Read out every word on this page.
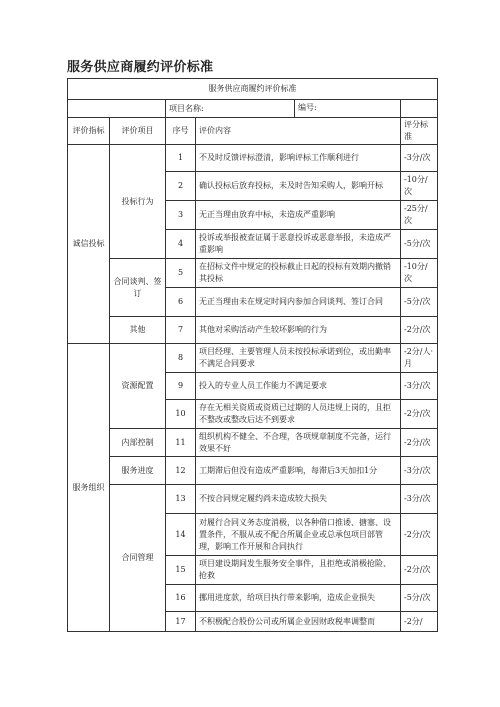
服务供应商履约评价标准
服务供应商履约评价标准				
		项目名称: 编号:		

评价指标	评价项目	序号	评价内容	评分标准
诚信投标	投标行为	1	不及时反馈评标澄清，影响评标工作顺利进行	-3分/次
		2	确认投标后放弃投标，未及时告知采购人，影响开标	-10分/次
		3	无正当理由放弃中标，未造成严重影响	-25分/次
		4	投诉或举报被查证属于恶意投诉或恶意举报，未造成严重影响	-5分/次
	合同谈判、签订	5	在招标文件中规定的投标截止日起的投标有效期内撤销其投标	-10分/次
		6	无正当理由未在规定时间内参加合同谈判、签订合同	-5分/次
	其他	7	其他对采购活动产生较坏影响的行为	-2分/次
服务组织	资源配置	8	项目经理、主要管理人员未按投标承诺到位，或出勤率不满足合同要求	-2分/人·月
		9	投入的专业人员工作能力不满足要求	-3分/次
		10	存在无相关资质或资质已过期的人员违规上岗的，且拒不整改或整改后达不到要求	-2分/次
	内部控制	11	组织机构不健全、不合理，各项规章制度不完备，运行效果不好	-2分/次
	服务进度	12	工期滞后但没有造成严重影响，每滞后3天加扣1分	-3分/次
	合同管理	13	不按合同规定履约尚未造成较大损失	-3分/次
		14	对履行合同义务态度消极，以各种借口推诿、搪塞、设置条件，不服从或不配合所属企业或总承包项目部管理，影响工作开展和合同执行	-2分/次
		15	项目建设期间发生服务安全事件，且拒绝或消极抢险、抢救	-2分/次
		16	挪用进度款，给项目执行带来影响，造成企业损失	-5分/次
		17	不积极配合股份公司或所属企业因财政税率调整而	-2分/
